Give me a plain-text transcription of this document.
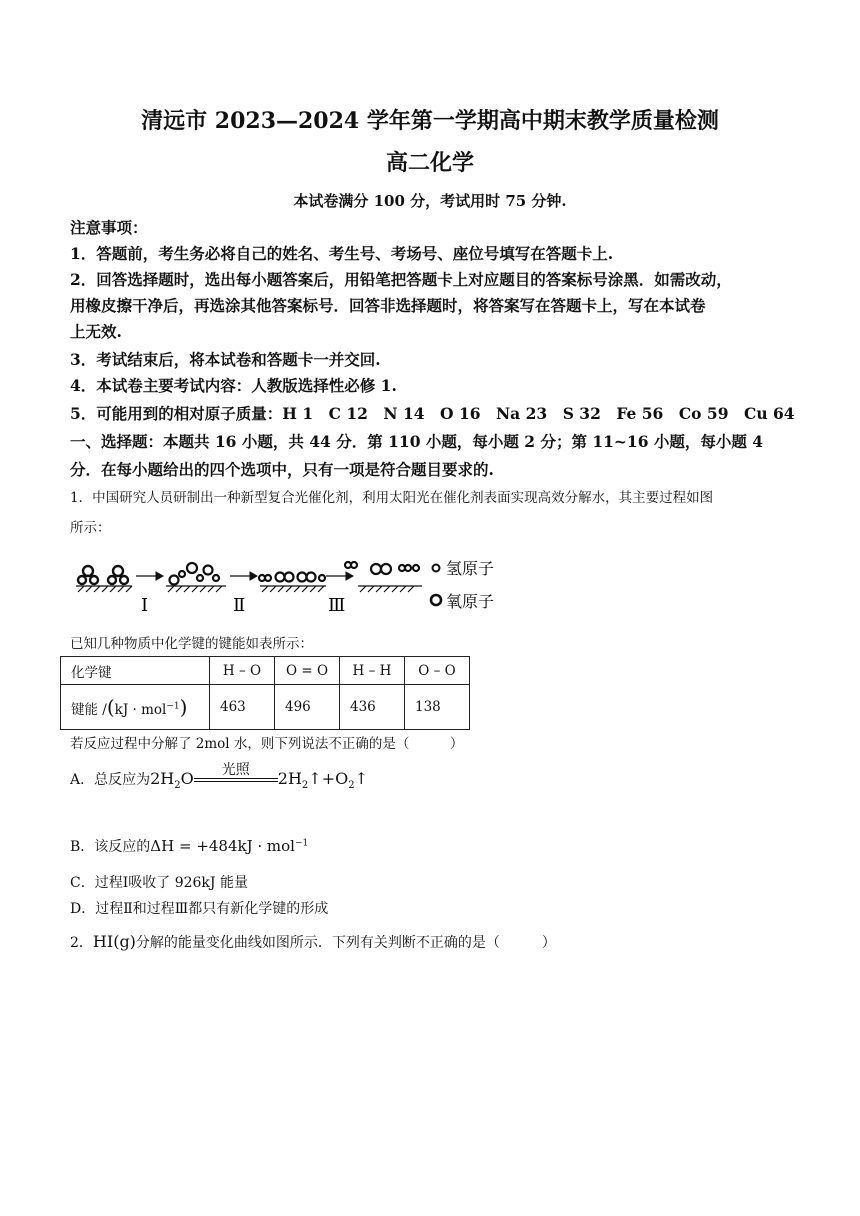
清远市 2023—2024 学年第一学期高中期末教学质量检测
高二化学
本试卷满分 100 分，考试用时 75 分钟.
注意事项：
1．答题前，考生务必将自己的姓名、考生号、考场号、座位号填写在答题卡上.
2．回答选择题时，选出每小题答案后，用铅笔把答题卡上对应题目的答案标号涂黑．如需改动，
用橡皮擦干净后，再选涂其他答案标号．回答非选择题时，将答案写在答题卡上，写在本试卷
上无效.
3．考试结束后，将本试卷和答题卡一并交回.
4．本试卷主要考试内容：人教版选择性必修 1.
5．可能用到的相对原子质量：H 1　C 12　N 14　O 16　Na 23　S 32　Fe 56　Co 59　Cu 64
一、选择题：本题共 16 小题，共 44 分．第 110 小题，每小题 2 分；第 11~16 小题，每小题 4
分．在每小题给出的四个选项中，只有一项是符合题目要求的.
1．中国研究人员研制出一种新型复合光催化剂，利用太阳光在催化剂表面实现高效分解水，其主要过程如图
所示：
Ⅰ	Ⅱ	Ⅲ
氢原子
氧原子
已知几种物质中化学键的键能如表所示：
化学键	H – O	O = O	H – H	O – O
键能 /(kJ · mol$^{-1}$)	463	496	436	138
若反应过程中分解了 2mol 水，则下列说法不正确的是（　　　）
A．总反应为$2H_2O$	光照
	$2H_2↑+O_2↑$
B．该反应的ΔH = +484kJ · mol$^{-1}$
C．过程Ⅰ吸收了 926kJ 能量
D．过程Ⅱ和过程Ⅲ都只有新化学键的形成
2．HI(g)分解的能量变化曲线如图所示．下列有关判断不正确的是（　　　）
